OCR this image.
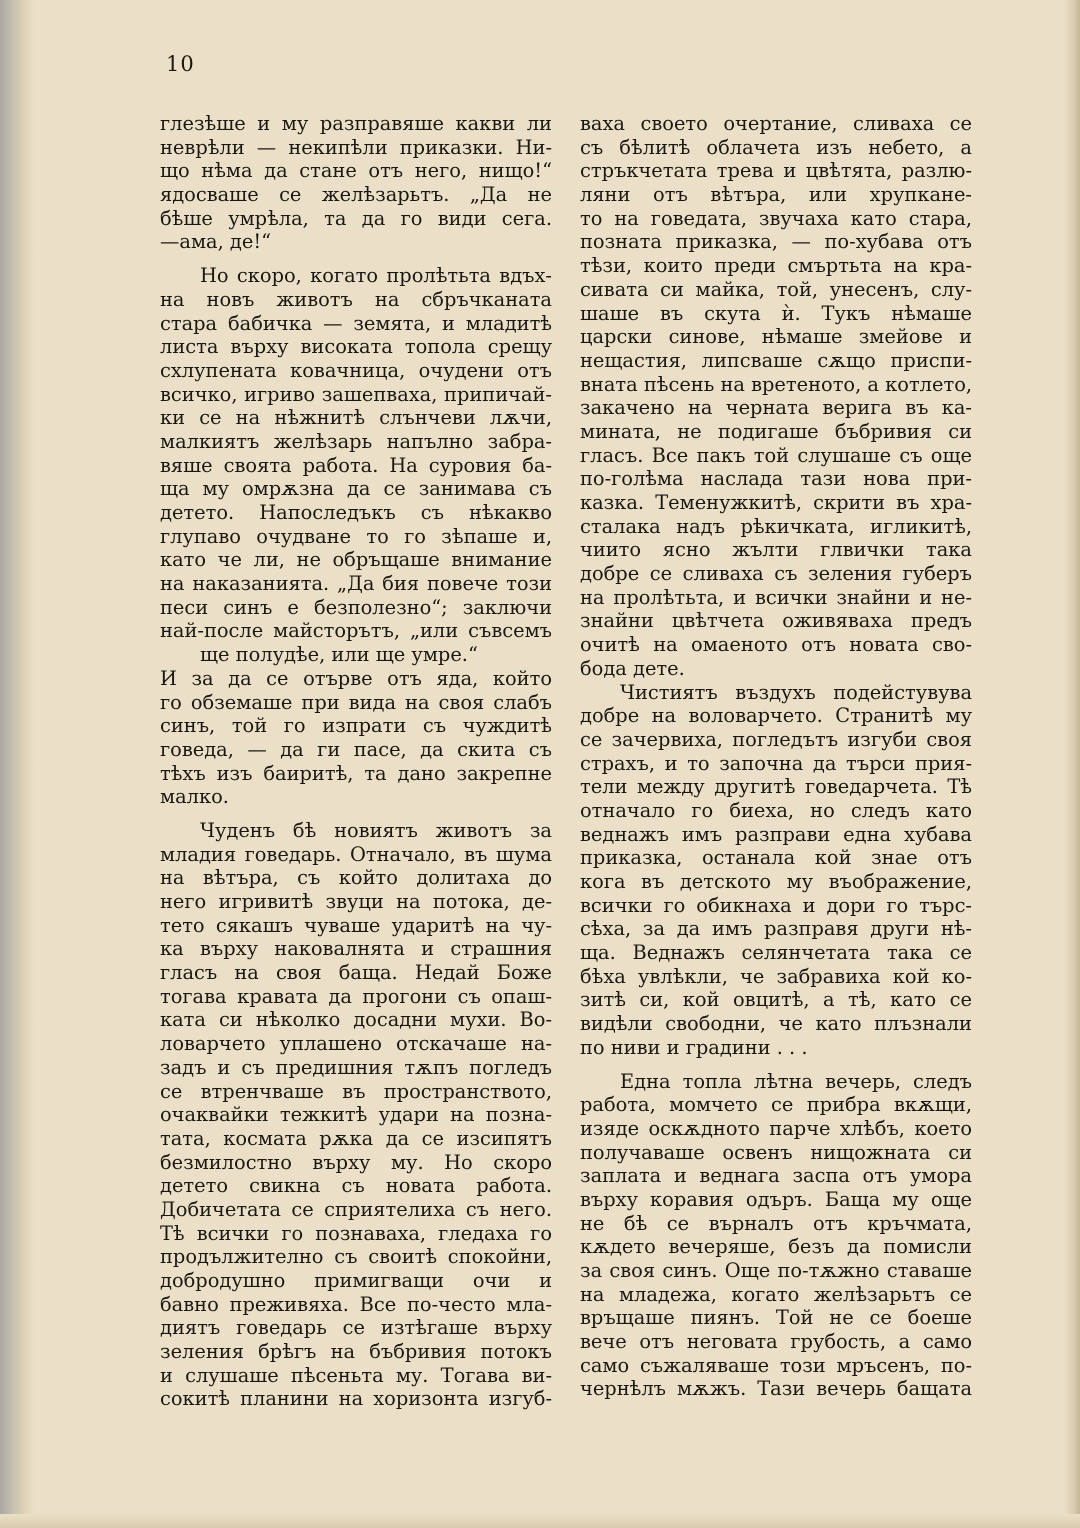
10
глезѣше и му разправяше какви ли
неврѣли — некипѣли приказки. Ни-
що нѣма да стане отъ него, нищо!“
ядосваше се желѣзарьтъ. „Да не
бѣше умрѣла, та да го види сега.
—ама, де!“
Но скоро, когато пролѣтьта вдъх-
на новъ животъ на сбръчканата
стара бабичка — земята, и младитѣ
листа върху високата топола срещу
схлупената ковачница, очудени отъ
всичко, игриво зашепваха, припичай-
ки се на нѣжнитѣ слънчеви лѫчи,
малкиятъ желѣзарь напълно забра-
вяше своята работа. На суровия ба-
ща му омрѫзна да се занимава съ
детето. Напоследъкъ съ нѣкакво
глупаво очудване то го зѣпаше и,
като че ли, не обръщаше внимание
на наказанията. „Да бия повече този
песи синъ е безполезно“; заключи
най-после майсторътъ, „или съвсемъ
ще полудѣе, или ще умре.“
И за да се отърве отъ яда, който
го обземаше при вида на своя слабъ
синъ, той го изпрати съ чуждитѣ
говеда, — да ги пасе, да скита съ
тѣхъ изъ баиритѣ, та дано закрепне
малко.
Чуденъ бѣ новиятъ животъ за
младия говедарь. Отначало, въ шума
на вѣтъра, съ който долитаха до
него игривитѣ звуци на потока, де-
тето сякашъ чуваше ударитѣ на чу-
ка върху наковалнята и страшния
гласъ на своя баща. Недай Боже
тогава кравата да прогони съ опаш-
ката си нѣколко досадни мухи. Во-
ловарчето уплашено отскачаше на-
задъ и съ предишния тѫпъ погледъ
се втренчваше въ пространството,
очаквайки тежкитѣ удари на позна-
тата, космата рѫка да се изсипятъ
безмилостно върху му. Но скоро
детето свикна съ новата работа.
Добичетата се сприятелиха съ него.
Тѣ всички го познаваха, гледаха го
продължително съ своитѣ спокойни,
добродушно примигващи очи и
бавно преживяха. Все по-често мла-
диятъ говедарь се изтѣгаше върху
зеления брѣгъ на бъбривия потокъ
и слушаше пѣсеньта му. Тогава ви-
сокитѣ планини на хоризонта изгуб-
ваха своето очертание, сливаха се
съ бѣлитѣ облачета изъ небето, а
стръкчетата трева и цвѣтята, разлю-
ляни отъ вѣтъра, или хрупкане-
то на говедата, звучаха като стара,
позната приказка, — по-хубава отъ
тѣзи, които преди смъртьта на кра-
сивата си майка, той, унесенъ, слу-
шаше въ скута ѝ. Тукъ нѣмаше
царски синове, нѣмаше змейове и
нещастия, липсваше сѫщо приспи-
вната пѣсень на вретеното, а котлето,
закачено на черната верига въ ка-
мината, не подигаше бъбривия си
гласъ. Все пакъ той слушаше съ още
по-голѣма наслада тази нова при-
казка. Теменужкитѣ, скрити въ хра-
сталака надъ рѣкичката, игликитѣ,
чиито ясно жълти глвички така
добре се сливаха съ зеления губеръ
на пролѣтьта, и всички знайни и не-
знайни цвѣтчета оживяваха предъ
очитѣ на омаеното отъ новата сво-
бода дете.
Чистиятъ въздухъ подейстувува
добре на воловарчето. Странитѣ му
се зачервиха, погледътъ изгуби своя
страхъ, и то започна да търси прия-
тели между другитѣ говедарчета. Тѣ
отначало го биеха, но следъ като
веднажъ имъ разправи една хубава
приказка, останала кой знае отъ
кога въ детското му въображение,
всички го обикнаха и дори го търс-
сѣха, за да имъ разправя други нѣ-
ща. Веднажъ селянчетата така се
бѣха увлѣкли, че забравиха кой ко-
зитѣ си, кой овцитѣ, а тѣ, като се
видѣли свободни, че като плъзнали
по ниви и градини . . .
Една топла лѣтна вечерь, следъ
работа, момчето се прибра вкѫщи,
изяде оскѫдното парче хлѣбъ, което
получаваше освенъ нищожната си
заплата и веднага заспа отъ умора
върху коравия одъръ. Баща му още
не бѣ се върналъ отъ кръчмата,
кѫдето вечеряше, безъ да помисли
за своя синъ. Още по-тѫжно ставаше
на младежа, когато желѣзарьтъ се
връщаше пиянъ. Той не се боеше
вече отъ неговата грубость, а само
само съжаляваше този мръсенъ, по-
чернѣлъ мѫжъ. Тази вечерь бащата
